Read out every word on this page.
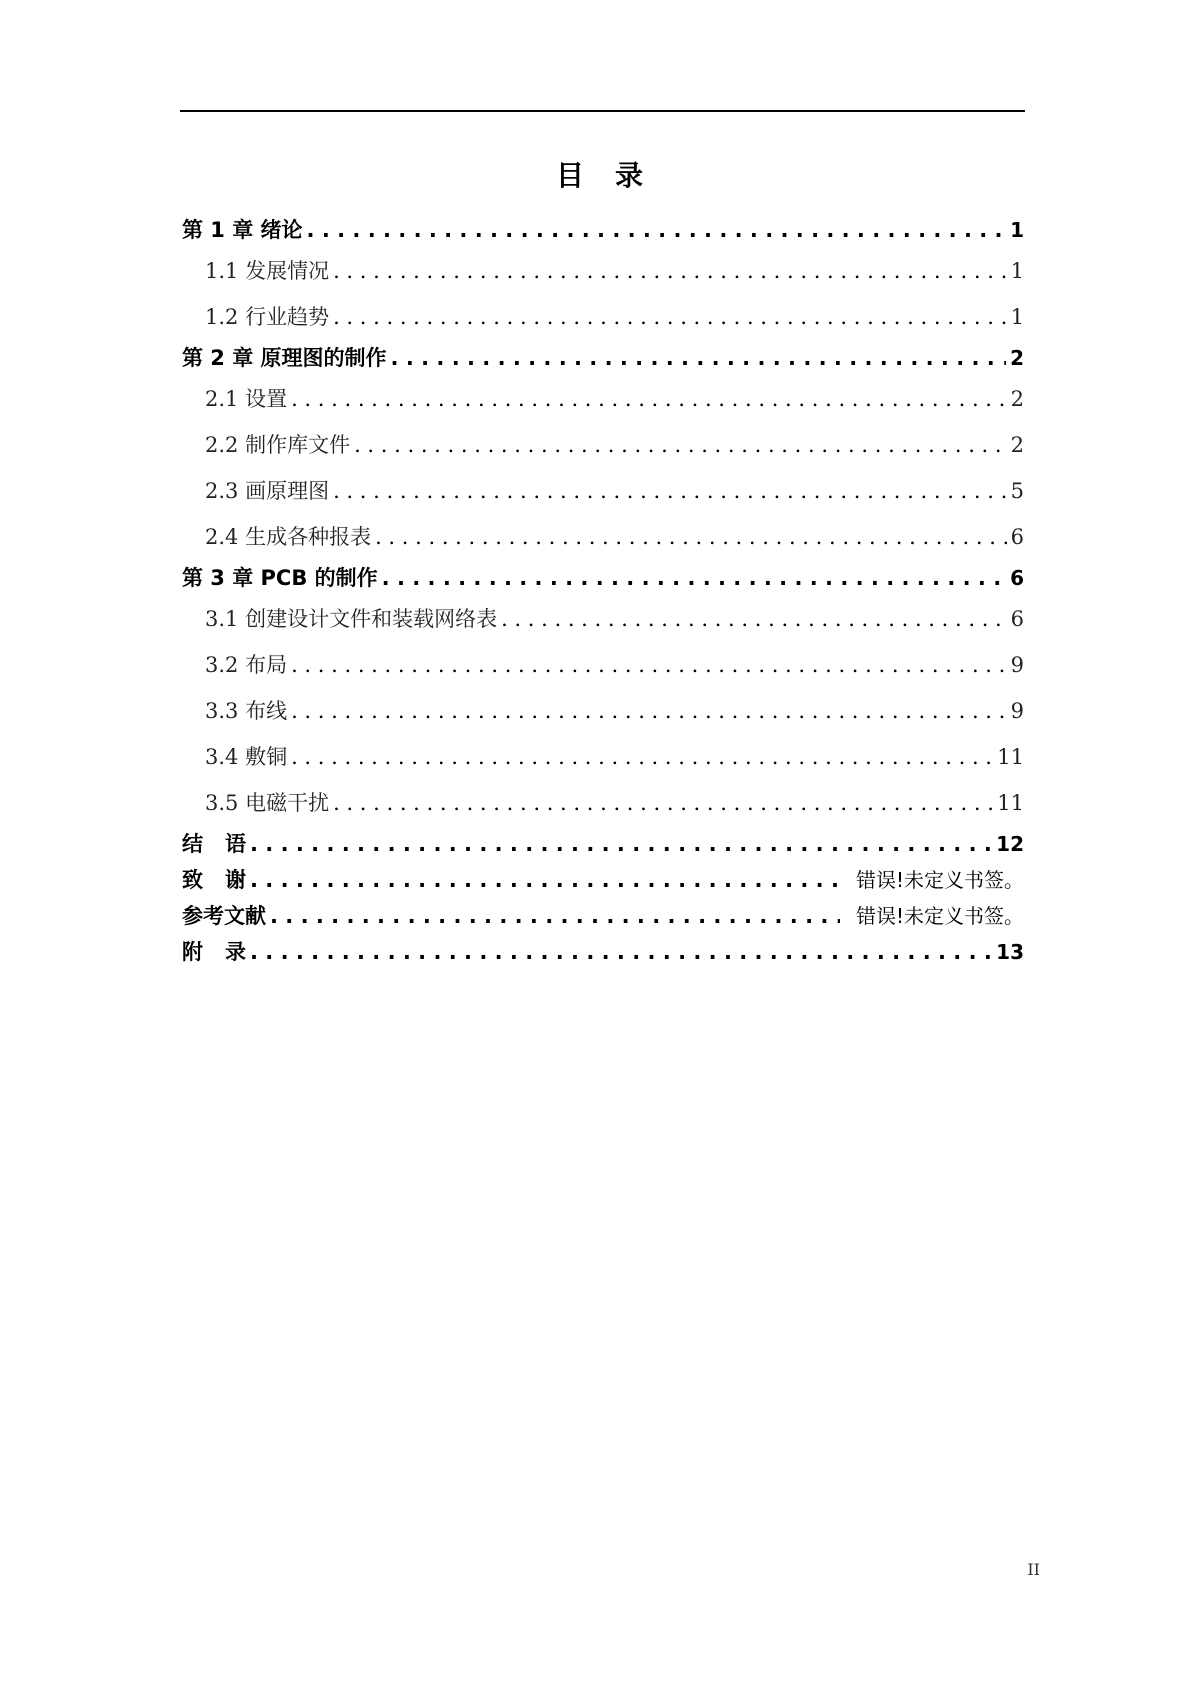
目 录
第 1 章 绪论 . . .	1
1.1 发展情况 . . .	1
1.2 行业趋势 . . .	1
第 2 章 原理图的制作 . . .	2
2.1 设置 . . .	2
2.2 制作库文件 . . .	2
2.3 画原理图 . . .	5
2.4 生成各种报表 . . .	6
第 3 章 PCB 的制作 . . .	6
3.1 创建设计文件和装载网络表 . . .	6
3.2 布局 . . .	9
3.3 布线 . . .	9
3.4 敷铜 . . .	11
3.5 电磁干扰 . . .	11
结 语 . . .	12
致 谢 . . .	错误!未定义书签。
参考文献 . . .	错误!未定义书签。
附 录 . . .	13
II
